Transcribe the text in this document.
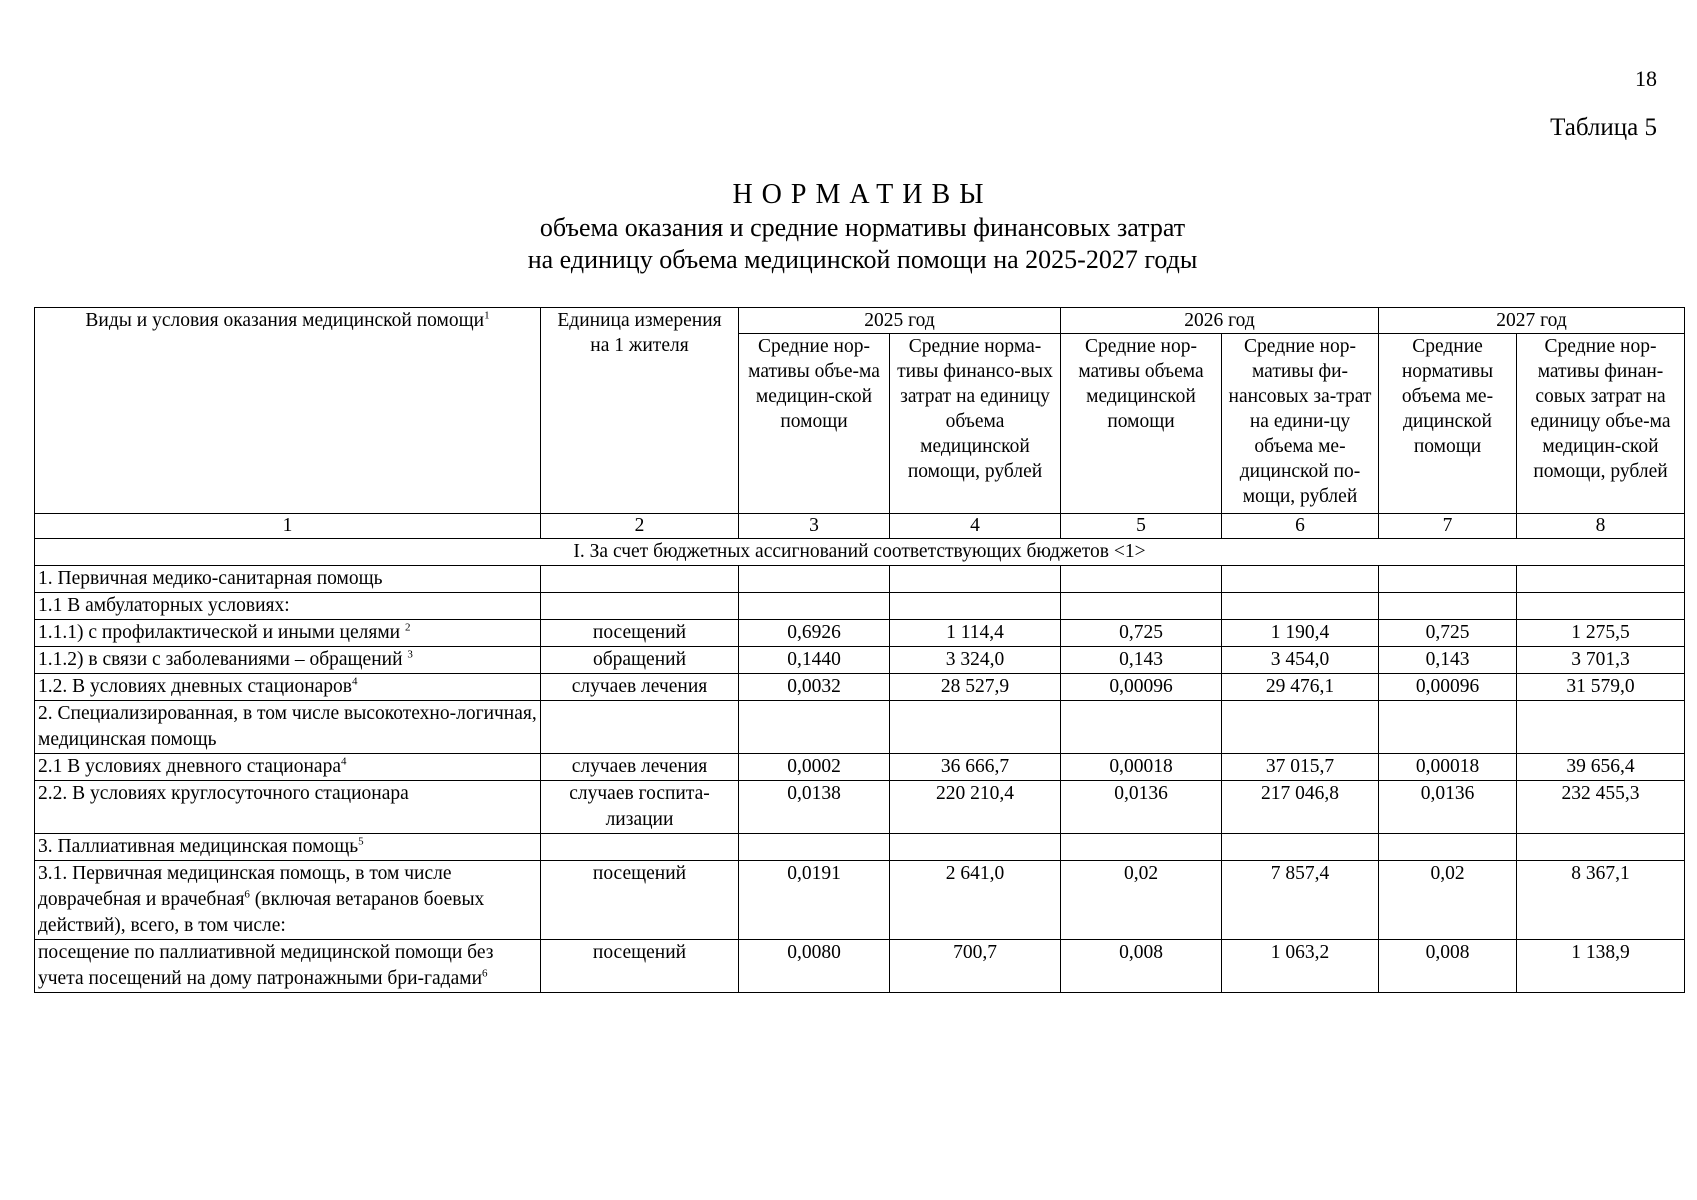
18
Таблица 5
НОРМАТИВЫ
объема оказания и средние нормативы финансовых затрат
на единицу объема медицинской помощи на 2025-2027 годы
Виды и условия оказания медицинской помощи$^1$	Единица измерения на 1 жителя	2025 год		2026 год		2027 год	
		Средние нор-мативы объе-ма медицин-ской помощи	Средние норма-тивы финансо-вых затрат на единицу объема медицинской помощи, рублей	Средние нор-мативы объема медицинской помощи	Средние нор-мативы фи-нансовых за-трат на едини-цу объема ме-дицинской по-мощи, рублей	Средние нормативы объема ме-дицинской помощи	Средние нор-мативы финан-совых затрат на единицу объе-ма медицин-ской помощи, рублей
1	2	3	4	5	6	7	8
I. За счет бюджетных ассигнований соответствующих бюджетов <1>							
1. Первичная медико-санитарная помощь							
1.1 В амбулаторных условиях:							
1.1.1) с профилактической и иными целями $^2$	посещений	0,6926	1 114,4	0,725	1 190,4	0,725	1 275,5
1.1.2) в связи с заболеваниями – обращений $^3$	обращений	0,1440	3 324,0	0,143	3 454,0	0,143	3 701,3
1.2. В условиях дневных стационаров$^4$	случаев лечения	0,0032	28 527,9	0,00096	29 476,1	0,00096	31 579,0
2. Специализированная, в том числе высокотехно-логичная, медицинская помощь							
2.1 В условиях дневного стационара$^4$	случаев лечения	0,0002	36 666,7	0,00018	37 015,7	0,00018	39 656,4
2.2. В условиях круглосуточного стационара	случаев госпита-лизации	0,0138	220 210,4	0,0136	217 046,8	0,0136	232 455,3
3. Паллиативная медицинская помощь$^5$							
3.1. Первичная медицинская помощь, в том числе доврачебная и врачебная$^6$ (включая ветаранов боевых действий), всего, в том числе:	посещений	0,0191	2 641,0	0,02	7 857,4	0,02	8 367,1
посещение по паллиативной медицинской помощи без учета посещений на дому патронажными бри-гадами$^6$	посещений	0,0080	700,7	0,008	1 063,2	0,008	1 138,9
